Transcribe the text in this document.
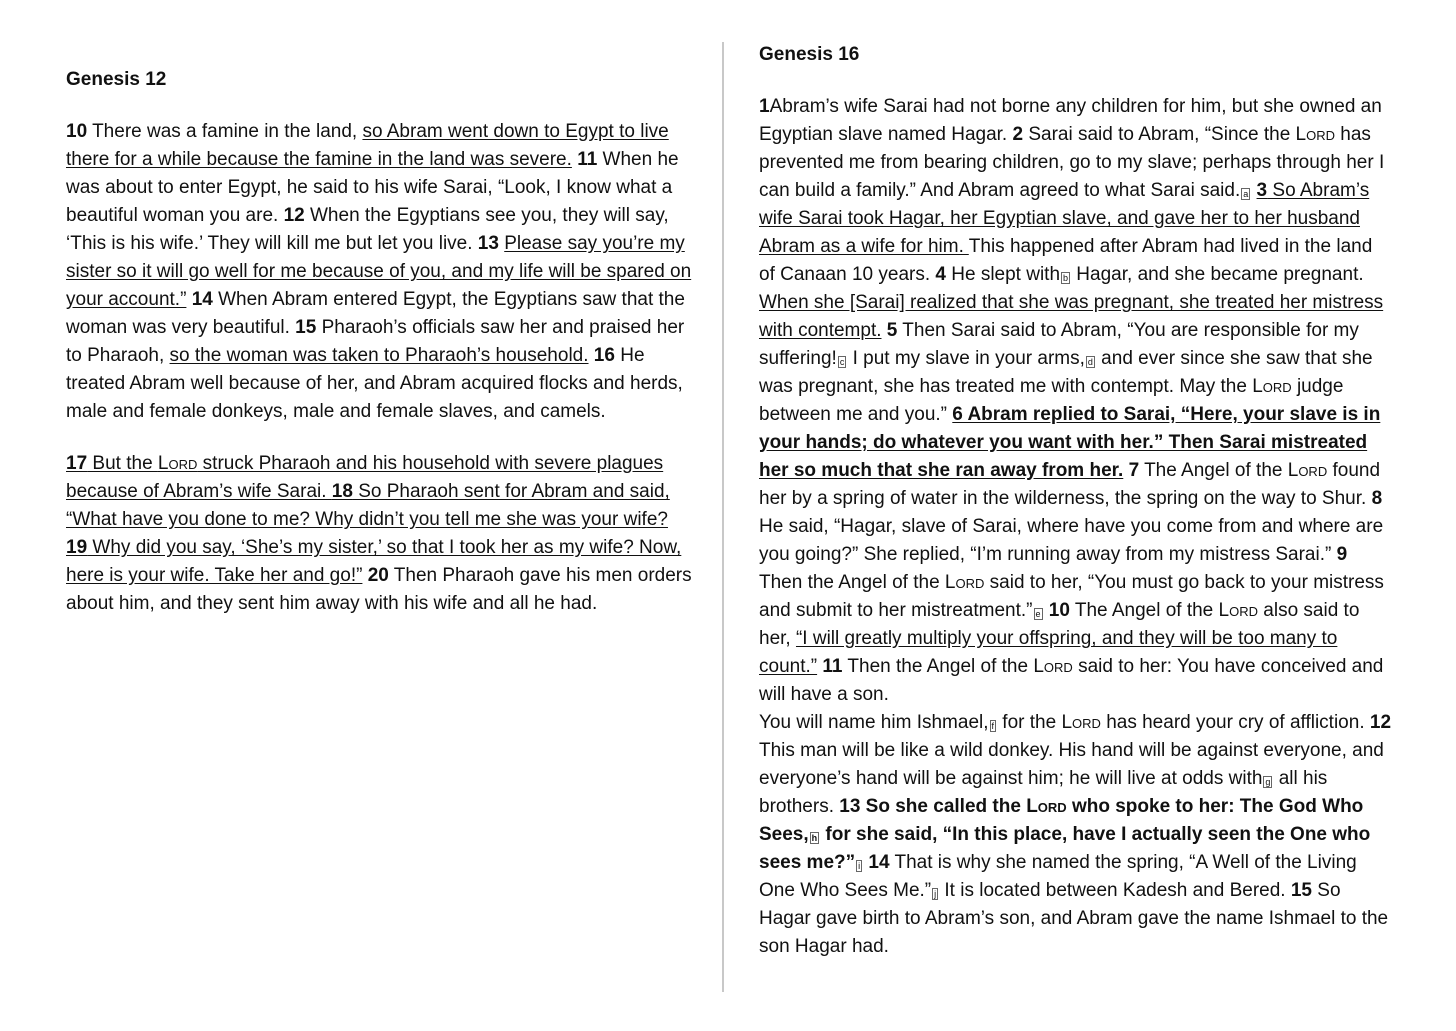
Genesis 12

10 There was a famine in the land, so Abram went down to Egypt to live there for a while because the famine in the land was severe. 11 When he was about to enter Egypt, he said to his wife Sarai, “Look, I know what a beautiful woman you are. 12 When the Egyptians see you, they will say, ‘This is his wife.’ They will kill me but let you live. 13 Please say you’re my sister so it will go well for me because of you, and my life will be spared on your account.” 14 When Abram entered Egypt, the Egyptians saw that the woman was very beautiful. 15 Pharaoh’s officials saw her and praised her to Pharaoh, so the woman was taken to Pharaoh’s household. 16 He treated Abram well because of her, and Abram acquired flocks and herds, male and female donkeys, male and female slaves, and camels.

17 But the Lord struck Pharaoh and his household with severe plagues because of Abram’s wife Sarai. 18 So Pharaoh sent for Abram and said, “What have you done to me? Why didn’t you tell me she was your wife? 19 Why did you say, ‘She’s my sister,’ so that I took her as my wife? Now, here is your wife. Take her and go!” 20 Then Pharaoh gave his men orders about him, and they sent him away with his wife and all he had.

Genesis 16

1Abram’s wife Sarai had not borne any children for him, but she owned an Egyptian slave named Hagar. 2 Sarai said to Abram, “Since the Lord has prevented me from bearing children, go to my slave; perhaps through her I can build a family.” And Abram agreed to what Sarai said. a 3 So Abram’s wife Sarai took Hagar, her Egyptian slave, and gave her to her husband Abram as a wife for him. This happened after Abram had lived in the land of Canaan 10 years. 4 He slept with b Hagar, and she became pregnant. When she [Sarai] realized that she was pregnant, she treated her mistress with contempt. 5 Then Sarai said to Abram, “You are responsible for my suffering! c I put my slave in your arms, d and ever since she saw that she was pregnant, she has treated me with contempt. May the Lord judge between me and you.” 6 Abram replied to Sarai, “Here, your slave is in your hands; do whatever you want with her.” Then Sarai mistreated her so much that she ran away from her. 7 The Angel of the Lord found her by a spring of water in the wilderness, the spring on the way to Shur. 8 He said, “Hagar, slave of Sarai, where have you come from and where are you going?” She replied, “I’m running away from my mistress Sarai.” 9 Then the Angel of the Lord said to her, “You must go back to your mistress and submit to her mistreatment.” e 10 The Angel of the Lord also said to her, “I will greatly multiply your offspring, and they will be too many to count.” 11 Then the Angel of the Lord said to her: You have conceived and will have a son.
You will name him Ishmael, f for the Lord has heard your cry of affliction. 12 This man will be like a wild donkey. His hand will be against everyone, and everyone’s hand will be against him; he will live at odds with g all his brothers. 13 So she called the Lord who spoke to her: The God Who Sees, h for she said, “In this place, have I actually seen the One who sees me?” i 14 That is why she named the spring, “A Well of the Living One Who Sees Me.” j It is located between Kadesh and Bered. 15 So Hagar gave birth to Abram’s son, and Abram gave the name Ishmael to the son Hagar had.
